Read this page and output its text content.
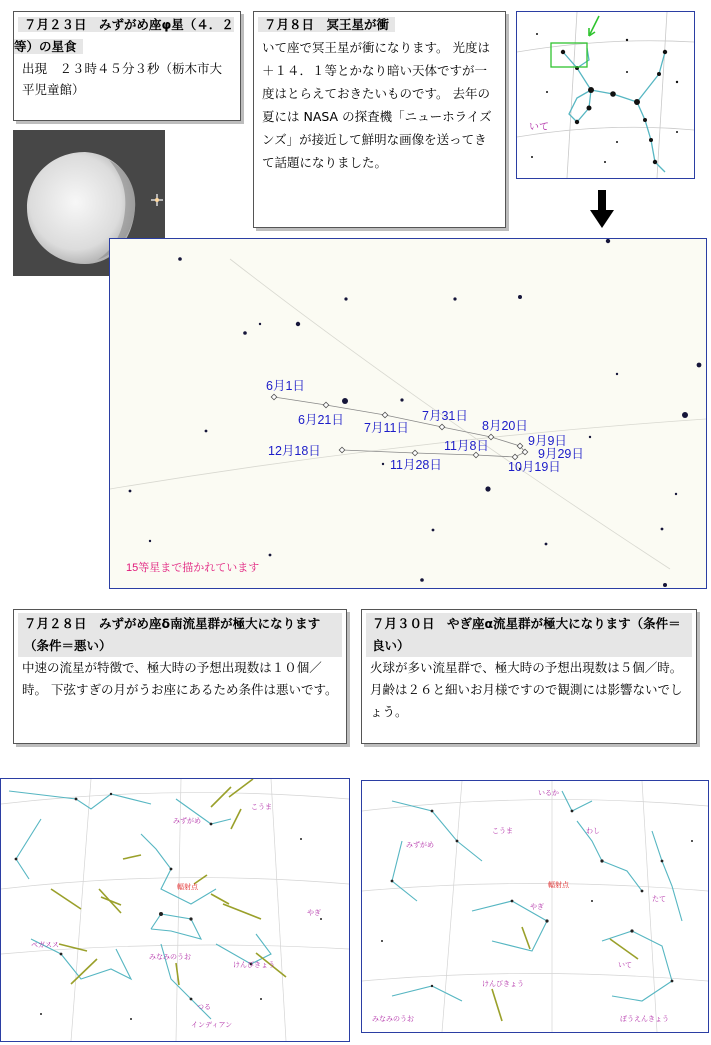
７月２３日　みずがめ座φ星（４．２等）の星食
出現　２３時４５分３秒（栃木市大平児童館）
７月８日　冥王星が衝
いて座で冥王星が衝になります。 光度は＋１４．１等とかなり暗い天体ですが一度はとらえておきたいものです。 去年の夏には NASA の探査機「ニューホライズンズ」が接近して鮮明な画像を送ってきて話題になりました。
いて
6月1日
6月21日
7月11日
7月31日
8月20日
9月9日
9月29日
10月19日
11月8日
11月28日
12月18日
15等星まで描かれています
７月２８日　みずがめ座δ南流星群が極大になります　（条件＝悪い）
中速の流星が特徴で、極大時の予想出現数は１０個／時。 下弦すぎの月がうお座にあるため条件は悪いです。
７月３０日　やぎ座α流星群が極大になります（条件＝良い）
火球が多い流星群で、極大時の予想出現数は５個／時。 月齢は２６と細いお月様ですので観測には影響ないでしょう。
みずがめ
こうま
ペガスス
みなみのうお
つる
インディアン
けんびきょう
やぎ
輻射点
いるか
こうま
みずがめ
わし
たて
やぎ
いて
けんびきょう
みなみのうお	ぼうえんきょう
輻射点
